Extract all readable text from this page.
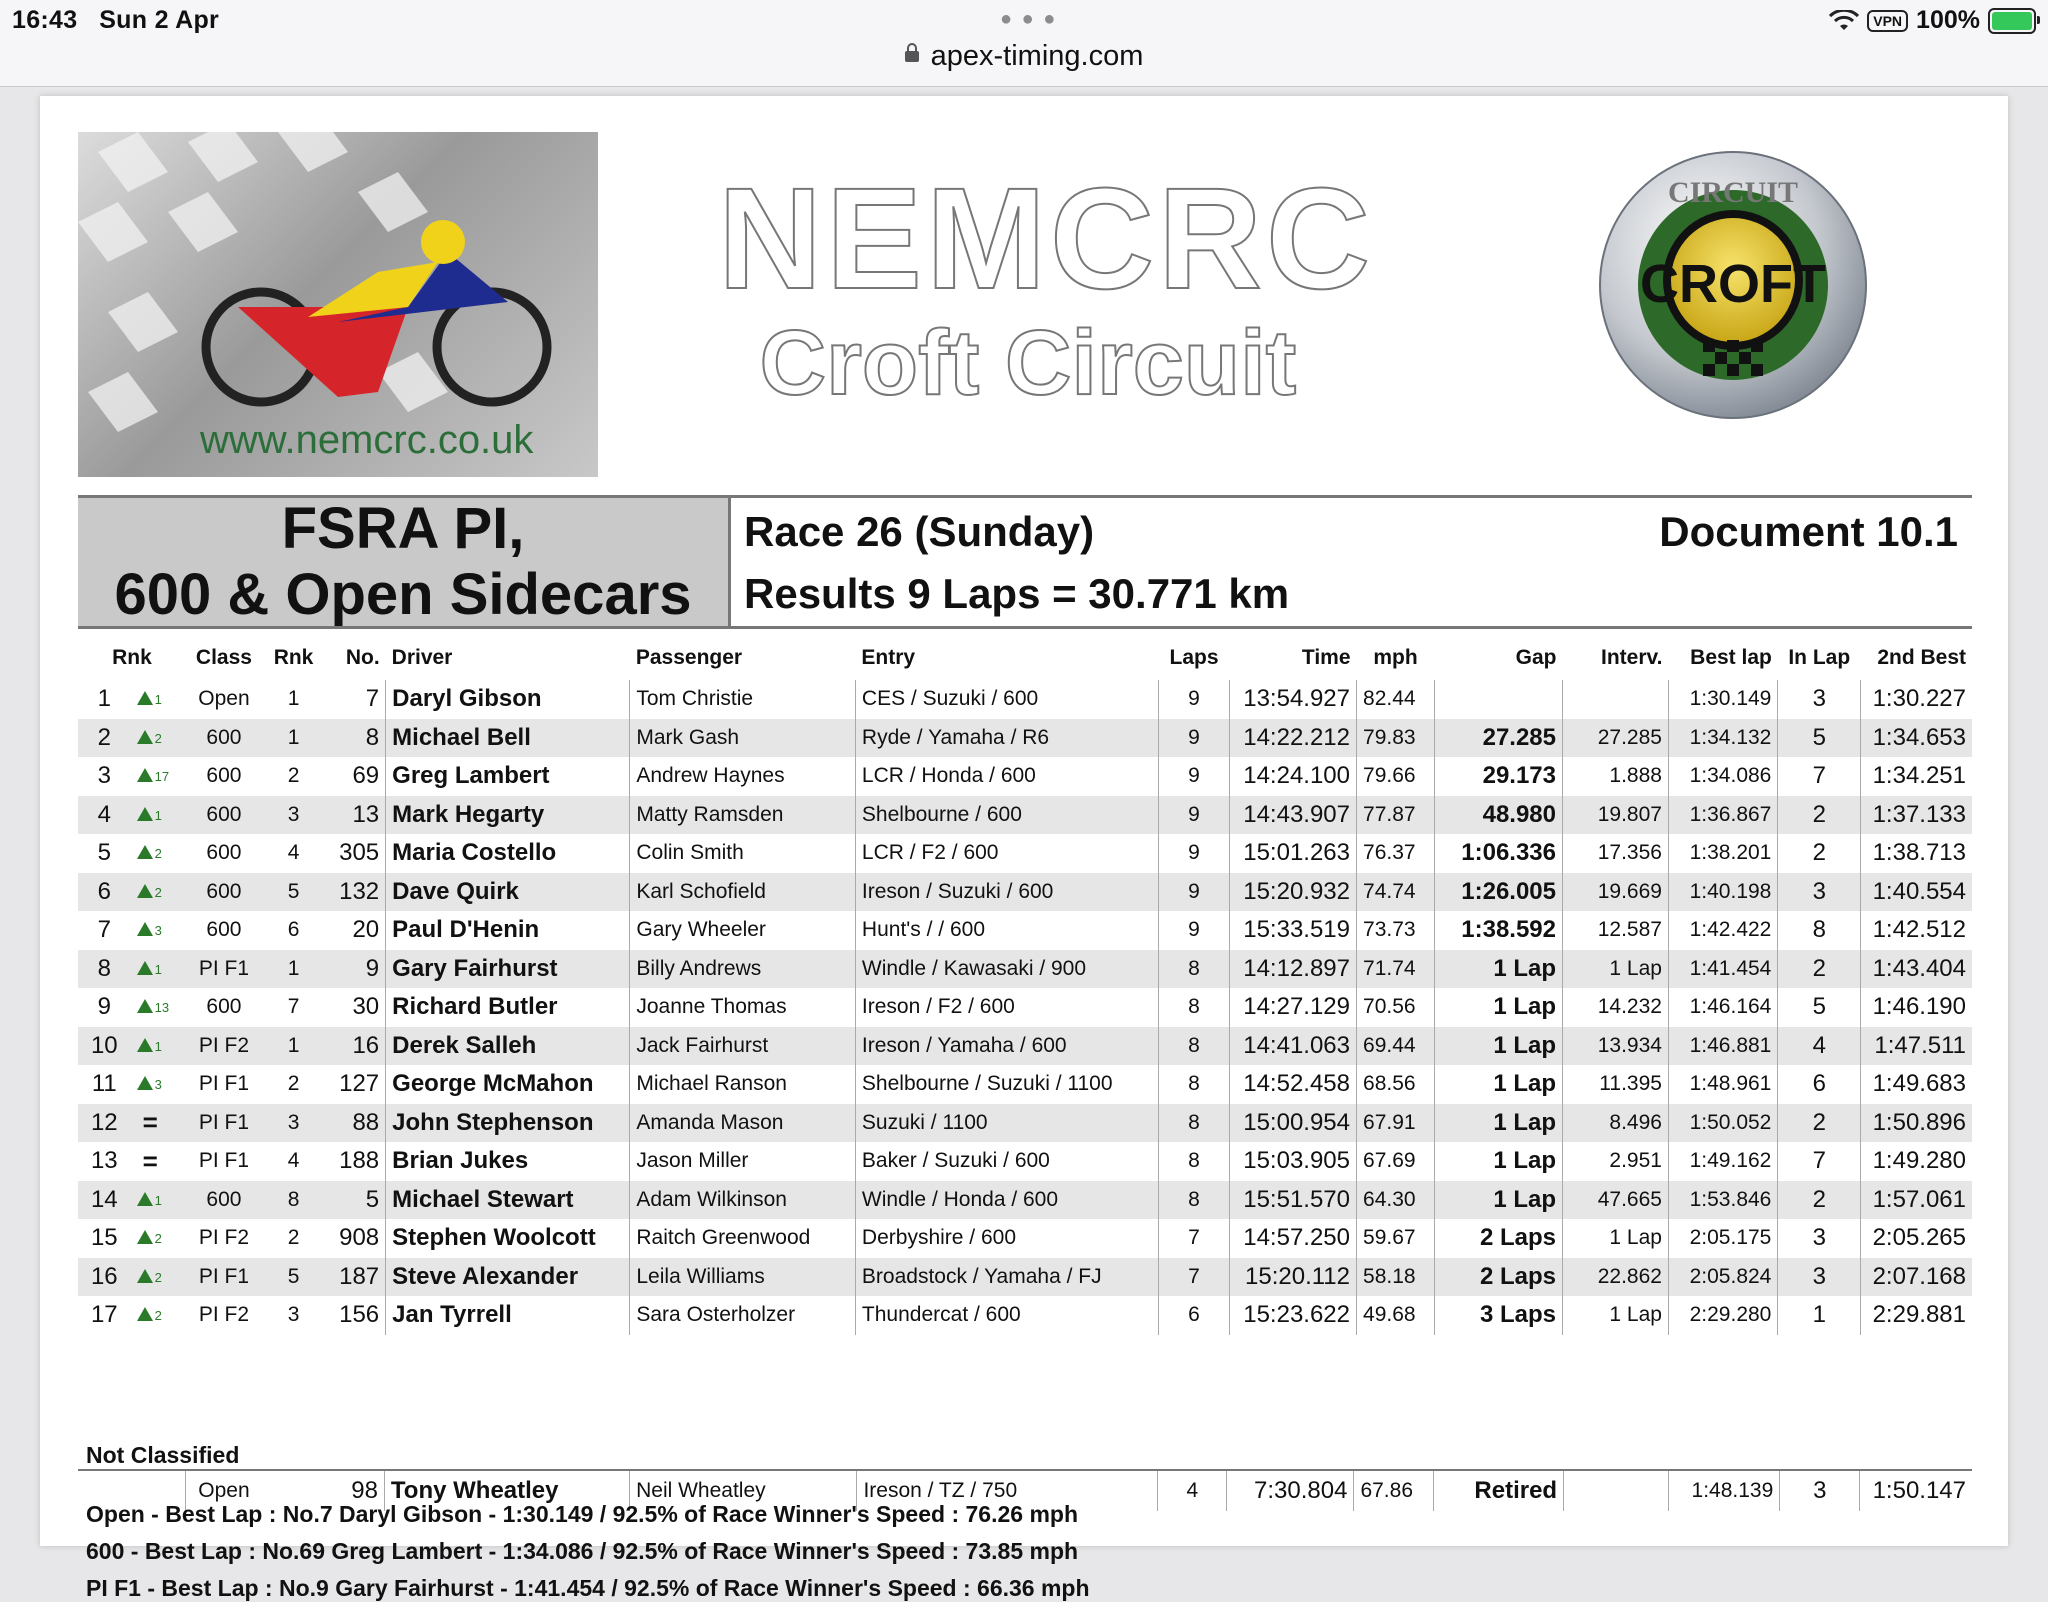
16:43 Sun 2 Apr	● ● ●
apex-timing.com
VPN 100%
www.nemcrc.co.uk
NEMCRC
Croft Circuit
CIRCUIT
CROFT
FSRA PI,
600 & Open Sidecars
Race 26 (Sunday)
Results 9 Laps = 30.771 km
Document 10.1
Rnk		Class	Rnk	No.	Driver	Passenger	Entry	Laps	Time	mph	Gap	Interv.	Best lap	In Lap	2nd Best
1	1	Open	1	7	Daryl Gibson	Tom Christie	CES / Suzuki / 600	9	13:54.927	82.44			1:30.149	3	1:30.227
2	2	600	1	8	Michael Bell	Mark Gash	Ryde / Yamaha / R6	9	14:22.212	79.83	27.285	27.285	1:34.132	5	1:34.653
3	17	600	2	69	Greg Lambert	Andrew Haynes	LCR / Honda / 600	9	14:24.100	79.66	29.173	1.888	1:34.086	7	1:34.251
4	1	600	3	13	Mark Hegarty	Matty Ramsden	Shelbourne / 600	9	14:43.907	77.87	48.980	19.807	1:36.867	2	1:37.133
5	2	600	4	305	Maria Costello	Colin Smith	LCR / F2 / 600	9	15:01.263	76.37	1:06.336	17.356	1:38.201	2	1:38.713
6	2	600	5	132	Dave Quirk	Karl Schofield	Ireson / Suzuki / 600	9	15:20.932	74.74	1:26.005	19.669	1:40.198	3	1:40.554
7	3	600	6	20	Paul D'Henin	Gary Wheeler	Hunt's / / 600	9	15:33.519	73.73	1:38.592	12.587	1:42.422	8	1:42.512
8	1	PI F1	1	9	Gary Fairhurst	Billy Andrews	Windle / Kawasaki / 900	8	14:12.897	71.74	1 Lap	1 Lap	1:41.454	2	1:43.404
9	13	600	7	30	Richard Butler	Joanne Thomas	Ireson / F2 / 600	8	14:27.129	70.56	1 Lap	14.232	1:46.164	5	1:46.190
10	1	PI F2	1	16	Derek Salleh	Jack Fairhurst	Ireson / Yamaha / 600	8	14:41.063	69.44	1 Lap	13.934	1:46.881	4	1:47.511
11	3	PI F1	2	127	George McMahon	Michael Ranson	Shelbourne / Suzuki / 1100	8	14:52.458	68.56	1 Lap	11.395	1:48.961	6	1:49.683
12	=	PI F1	3	88	John Stephenson	Amanda Mason	Suzuki / 1100	8	15:00.954	67.91	1 Lap	8.496	1:50.052	2	1:50.896
13	=	PI F1	4	188	Brian Jukes	Jason Miller	Baker / Suzuki / 600	8	15:03.905	67.69	1 Lap	2.951	1:49.162	7	1:49.280
14	1	600	8	5	Michael Stewart	Adam Wilkinson	Windle / Honda / 600	8	15:51.570	64.30	1 Lap	47.665	1:53.846	2	1:57.061
15	2	PI F2	2	908	Stephen Woolcott	Raitch Greenwood	Derbyshire / 600	7	14:57.250	59.67	2 Laps	1 Lap	2:05.175	3	2:05.265
16	2	PI F1	5	187	Steve Alexander	Leila Williams	Broadstock / Yamaha / FJ	7	15:20.112	58.18	2 Laps	22.862	2:05.824	3	2:07.168
17	2	PI F2	3	156	Jan Tyrrell	Sara Osterholzer	Thundercat / 600	6	15:23.622	49.68	3 Laps	1 Lap	2:29.280	1	2:29.881
Not Classified
		Open		98	Tony Wheatley	Neil Wheatley	Ireson / TZ / 750	4	7:30.804	67.86	Retired		1:48.139	3	1:50.147
Open - Best Lap : No.7 Daryl Gibson - 1:30.149 / 92.5% of Race Winner's Speed : 76.26 mph
600 - Best Lap : No.69 Greg Lambert - 1:34.086 / 92.5% of Race Winner's Speed : 73.85 mph
PI F1 - Best Lap : No.9 Gary Fairhurst - 1:41.454 / 92.5% of Race Winner's Speed : 66.36 mph
